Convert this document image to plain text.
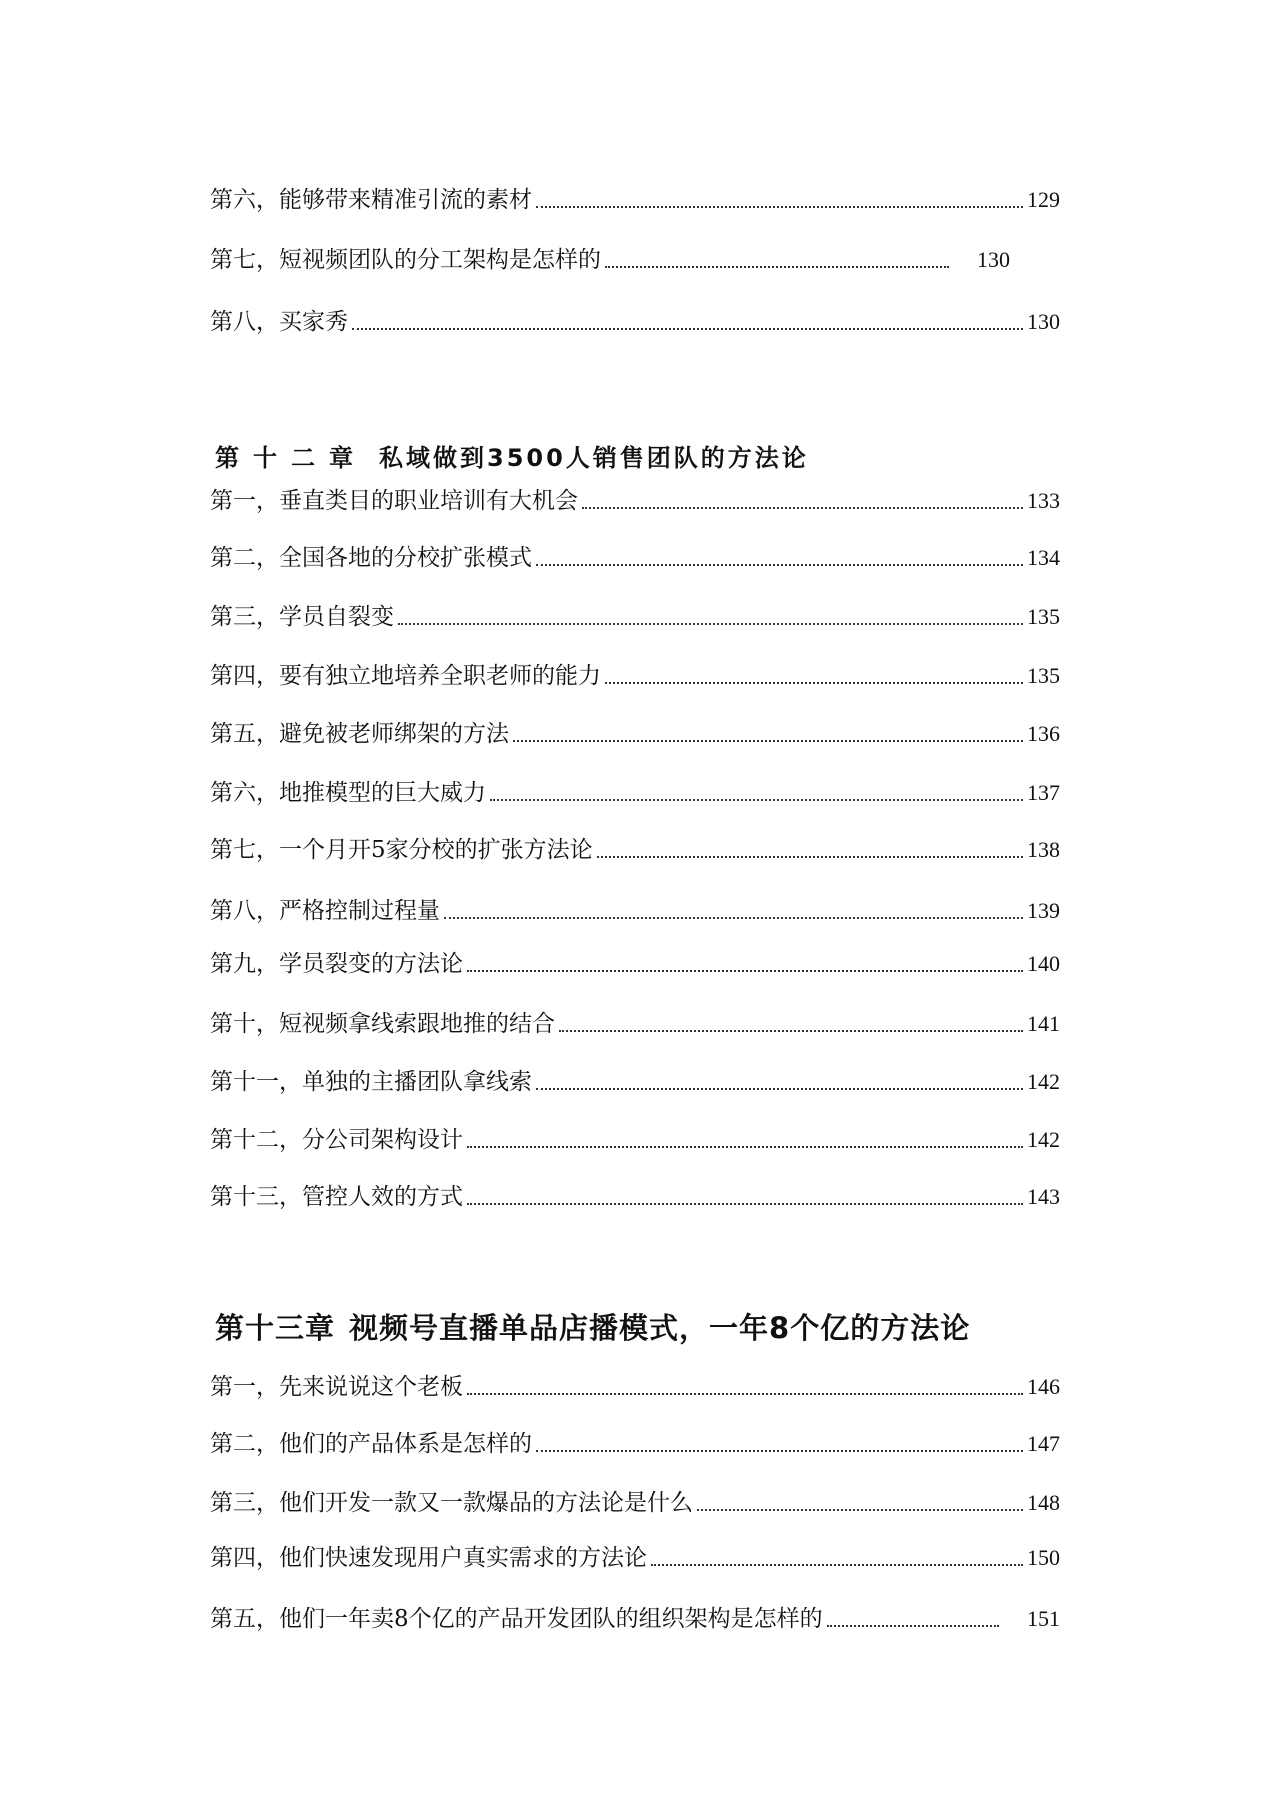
第六，能够带来精准引流的素材	129
第七，短视频团队的分工架构是怎样的	130
第八，买家秀	130
第十二章 私域做到3500人销售团队的方法论
第一，垂直类目的职业培训有大机会	133
第二，全国各地的分校扩张模式	134
第三，学员自裂变	135
第四，要有独立地培养全职老师的能力	135
第五，避免被老师绑架的方法	136
第六，地推模型的巨大威力	137
第七，一个月开5家分校的扩张方法论	138
第八，严格控制过程量	139
第九，学员裂变的方法论	140
第十，短视频拿线索跟地推的结合	141
第十一，单独的主播团队拿线索	142
第十二，分公司架构设计	142
第十三，管控人效的方式	143
第十三章 视频号直播单品店播模式，一年8个亿的方法论
第一，先来说说这个老板	146
第二，他们的产品体系是怎样的	147
第三，他们开发一款又一款爆品的方法论是什么	148
第四，他们快速发现用户真实需求的方法论	150
第五，他们一年卖8个亿的产品开发团队的组织架构是怎样的	151
